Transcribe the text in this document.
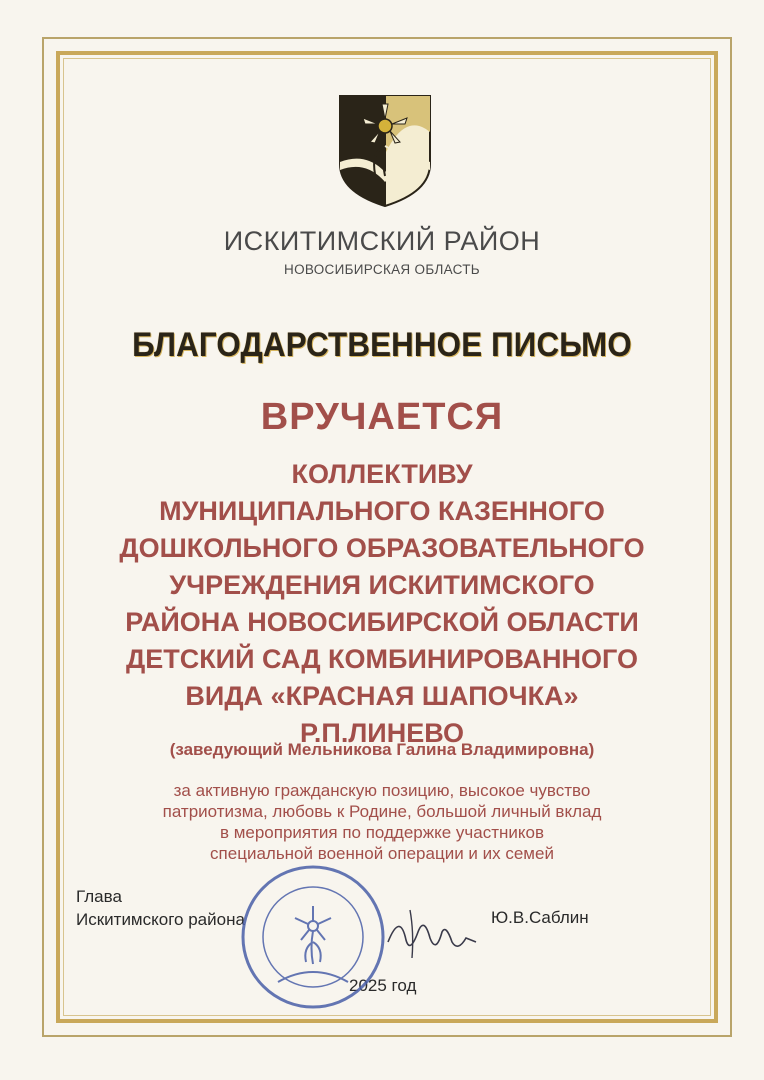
ИСКИТИМСКИЙ РАЙОН
НОВОСИБИРСКАЯ ОБЛАСТЬ
БЛАГОДАРСТВЕННОЕ ПИСЬМО
ВРУЧАЕТСЯ
КОЛЛЕКТИВУ
МУНИЦИПАЛЬНОГО КАЗЕННОГО
ДОШКОЛЬНОГО ОБРАЗОВАТЕЛЬНОГО
УЧРЕЖДЕНИЯ ИСКИТИМСКОГО
РАЙОНА НОВОСИБИРСКОЙ ОБЛАСТИ
ДЕТСКИЙ САД КОМБИНИРОВАННОГО
ВИДА «КРАСНАЯ ШАПОЧКА»
Р.П.ЛИНЕВО
(заведующий Мельникова Галина Владимировна)
за активную гражданскую позицию, высокое чувство
патриотизма, любовь к Родине, большой личный вклад
в мероприятия по поддержке участников
специальной военной операции и их семей
Глава
Искитимского района	Ю.В.Саблин
2025 год
